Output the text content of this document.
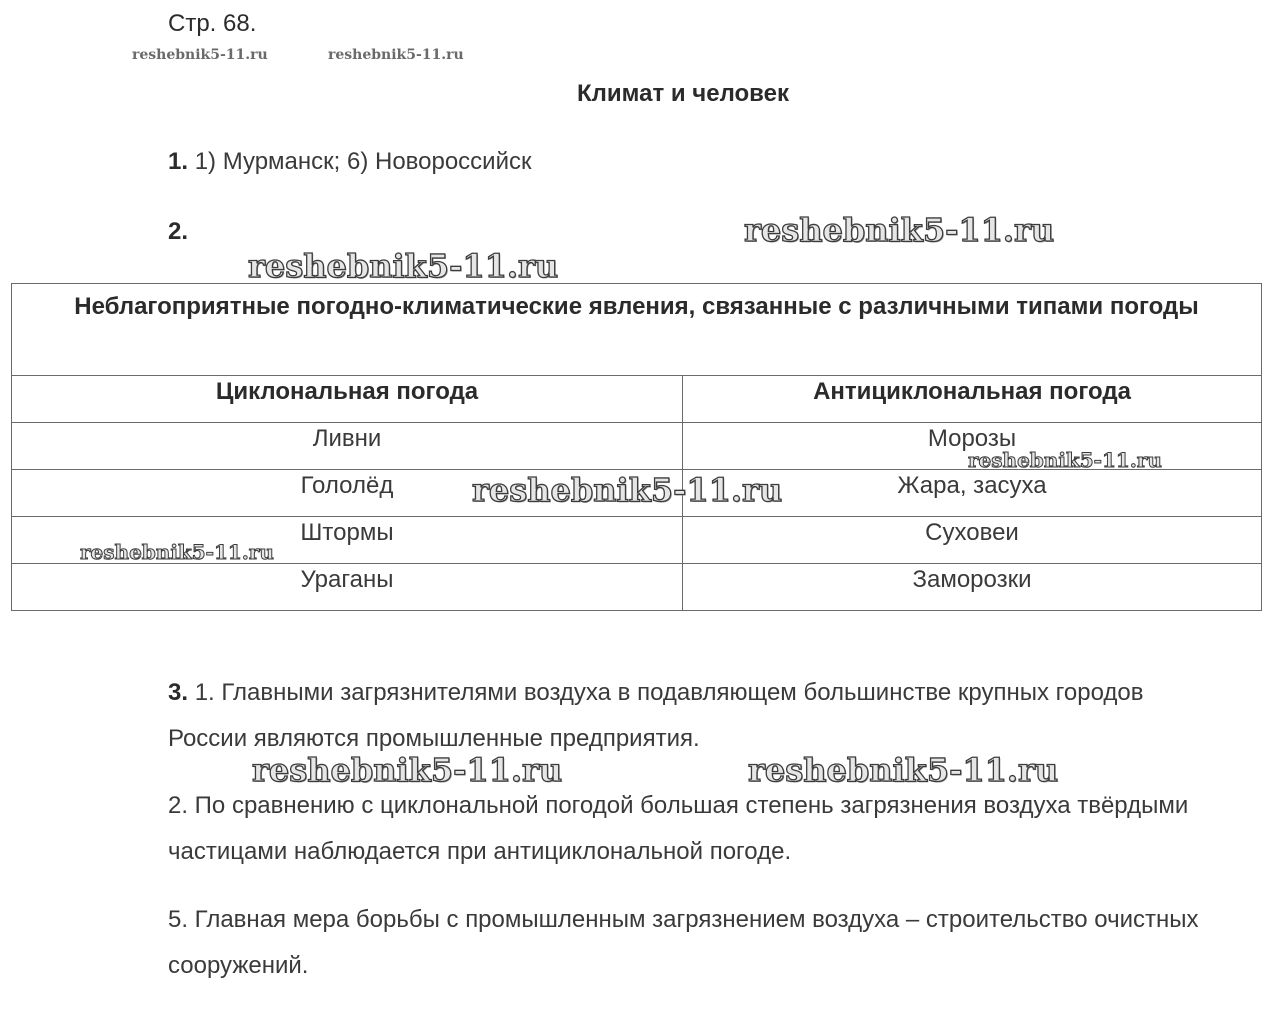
Стр. 68.
reshebnik5-11.ru	reshebnik5-11.ru
Климат и человек
1. 1) Мурманск; 6) Новороссийск
2.	reshebnik5-11.ru
reshebnik5-11.ru
Неблагоприятные погодно-климатические явления, связанные с различными типами погоды	

Циклональная погода	Антициклональная погода
Ливни	Морозы
Гололёд	Жара, засуха
Штормы	Суховеи
Ураганы	Заморозки
reshebnik5-11.ru
reshebnik5-11.ru
reshebnik5-11.ru
3. 1. Главными загрязнителями воздуха в подавляющем большинстве крупных городов России являются промышленные предприятия.
reshebnik5-11.ru	reshebnik5-11.ru
2. По сравнению с циклональной погодой большая степень загрязнения воздуха твёрдыми частицами наблюдается при антициклональной погоде.
5. Главная мера борьбы с промышленным загрязнением воздуха – строительство очистных сооружений.
